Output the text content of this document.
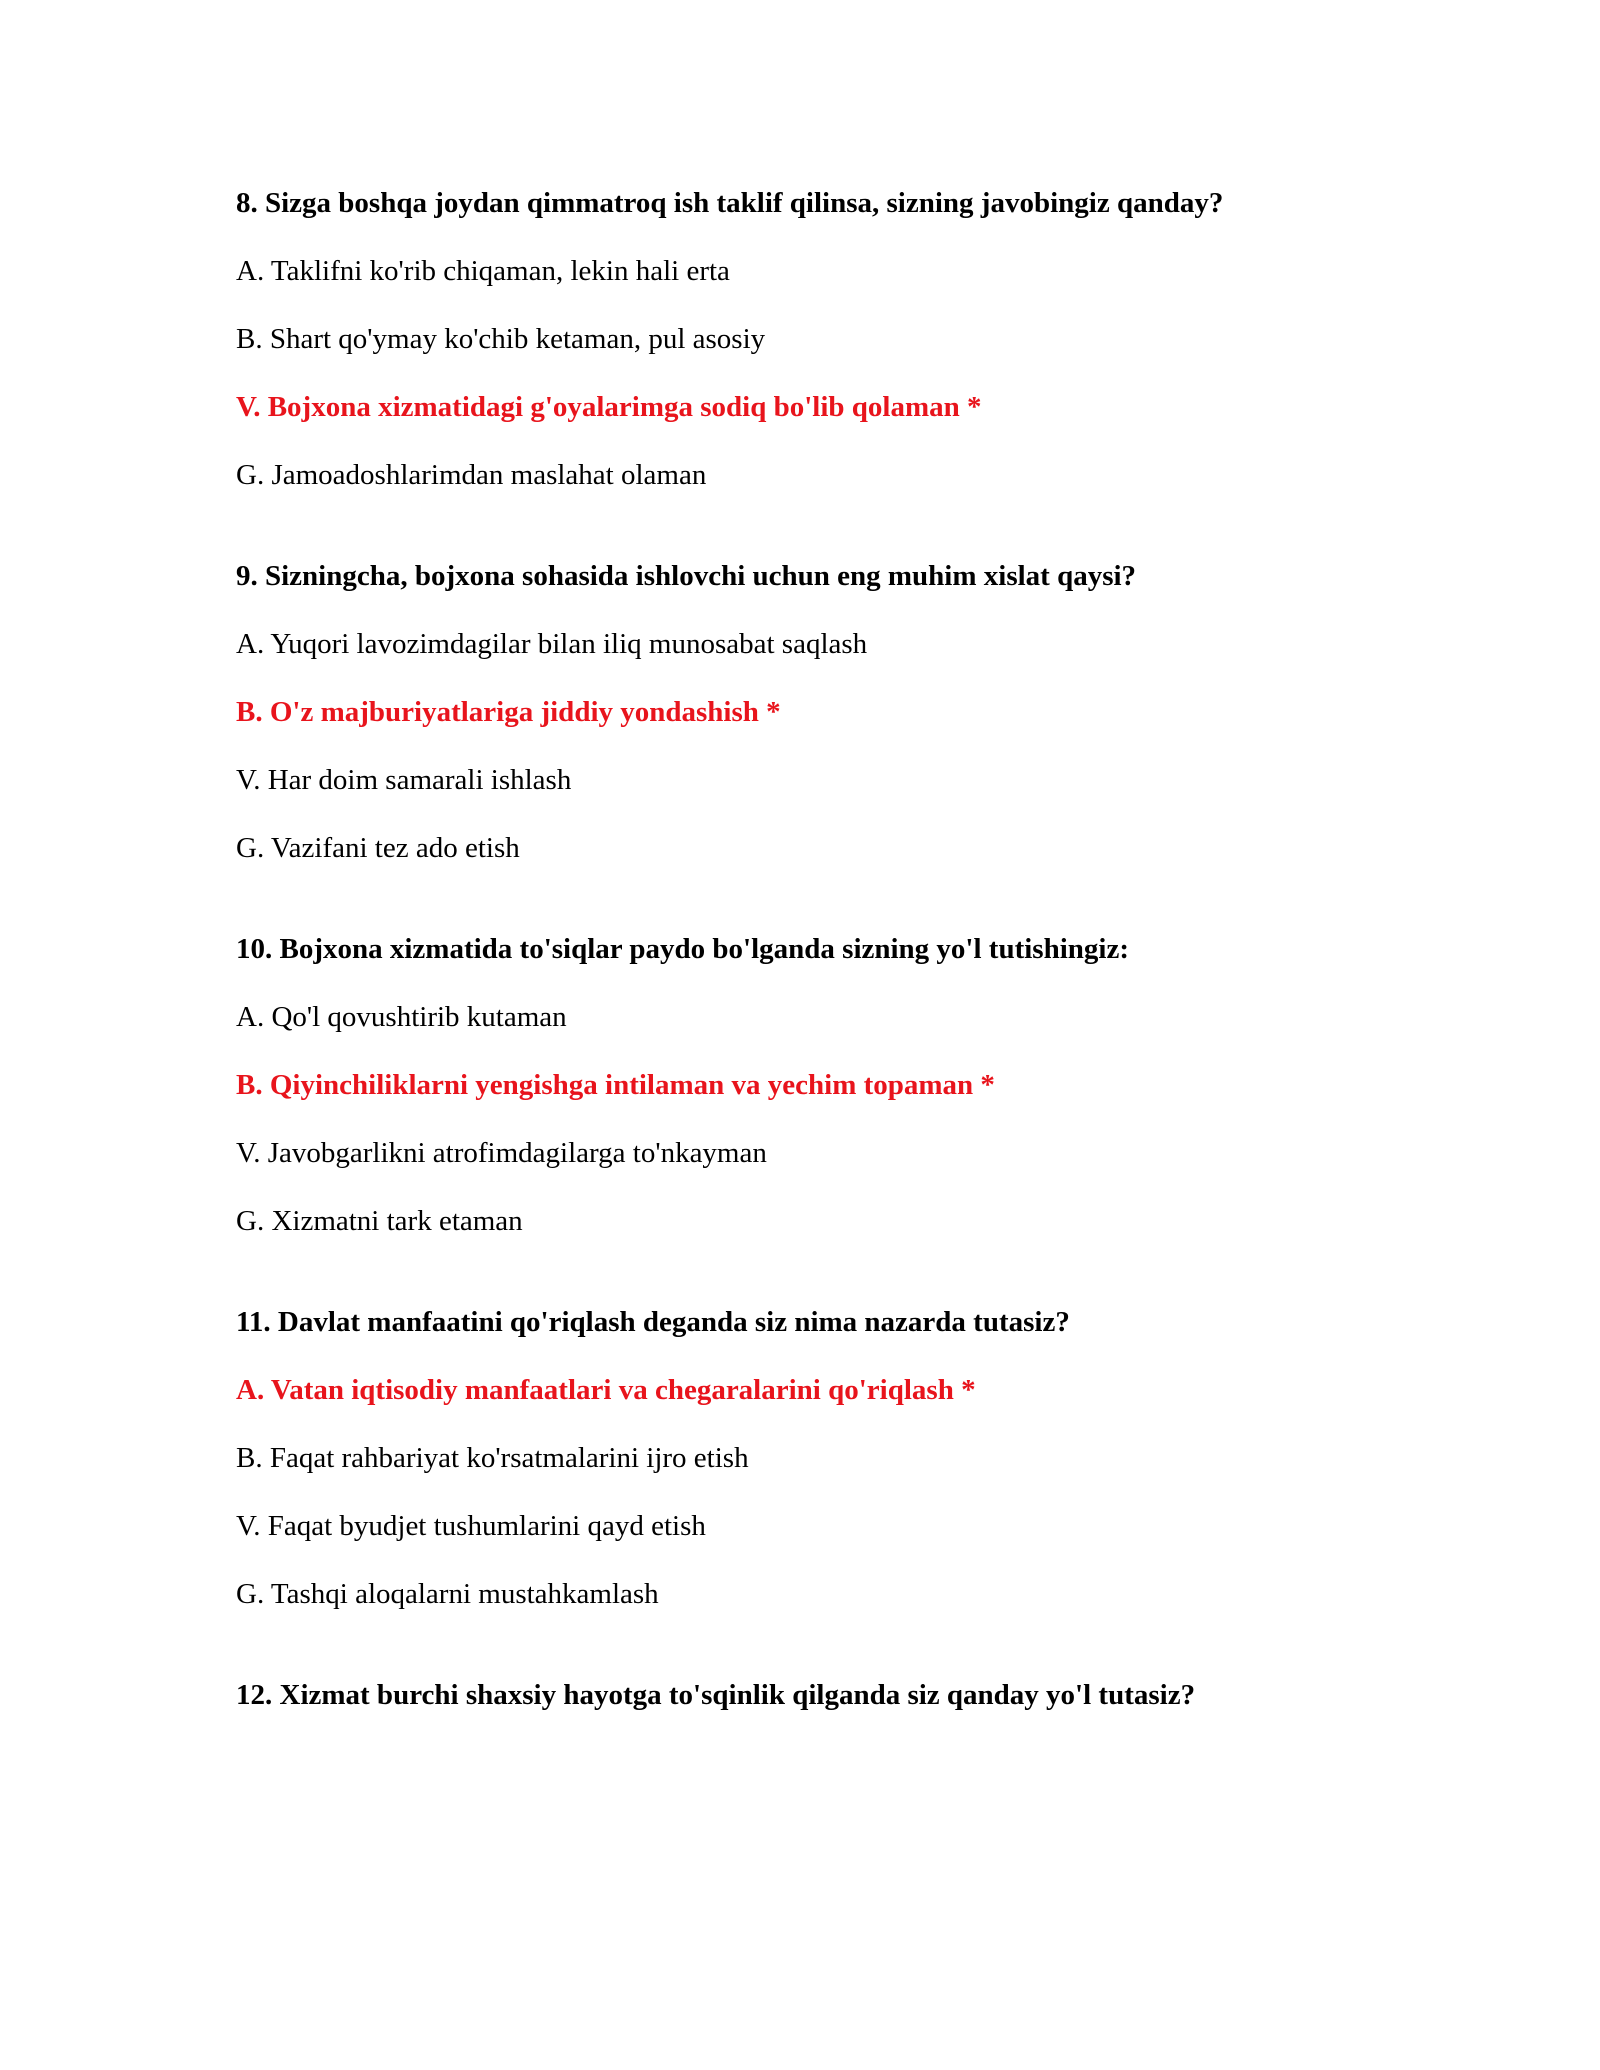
8. Sizga boshqa joydan qimmatroq ish taklif qilinsa, sizning javobingiz qanday?
A. Taklifni ko'rib chiqaman, lekin hali erta
B. Shart qo'ymay ko'chib ketaman, pul asosiy
V. Bojxona xizmatidagi g'oyalarimga sodiq bo'lib qolaman *
G. Jamoadoshlarimdan maslahat olaman
9. Sizningcha, bojxona sohasida ishlovchi uchun eng muhim xislat qaysi?
A. Yuqori lavozimdagilar bilan iliq munosabat saqlash
B. O'z majburiyatlariga jiddiy yondashish *
V. Har doim samarali ishlash
G. Vazifani tez ado etish
10. Bojxona xizmatida to'siqlar paydo bo'lganda sizning yo'l tutishingiz:
A. Qo'l qovushtirib kutaman
B. Qiyinchiliklarni yengishga intilaman va yechim topaman *
V. Javobgarlikni atrofimdagilarga to'nkayman
G. Xizmatni tark etaman
11. Davlat manfaatini qo'riqlash deganda siz nima nazarda tutasiz?
A. Vatan iqtisodiy manfaatlari va chegaralarini qo'riqlash *
B. Faqat rahbariyat ko'rsatmalarini ijro etish
V. Faqat byudjet tushumlarini qayd etish
G. Tashqi aloqalarni mustahkamlash
12. Xizmat burchi shaxsiy hayotga to'sqinlik qilganda siz qanday yo'l tutasiz?
